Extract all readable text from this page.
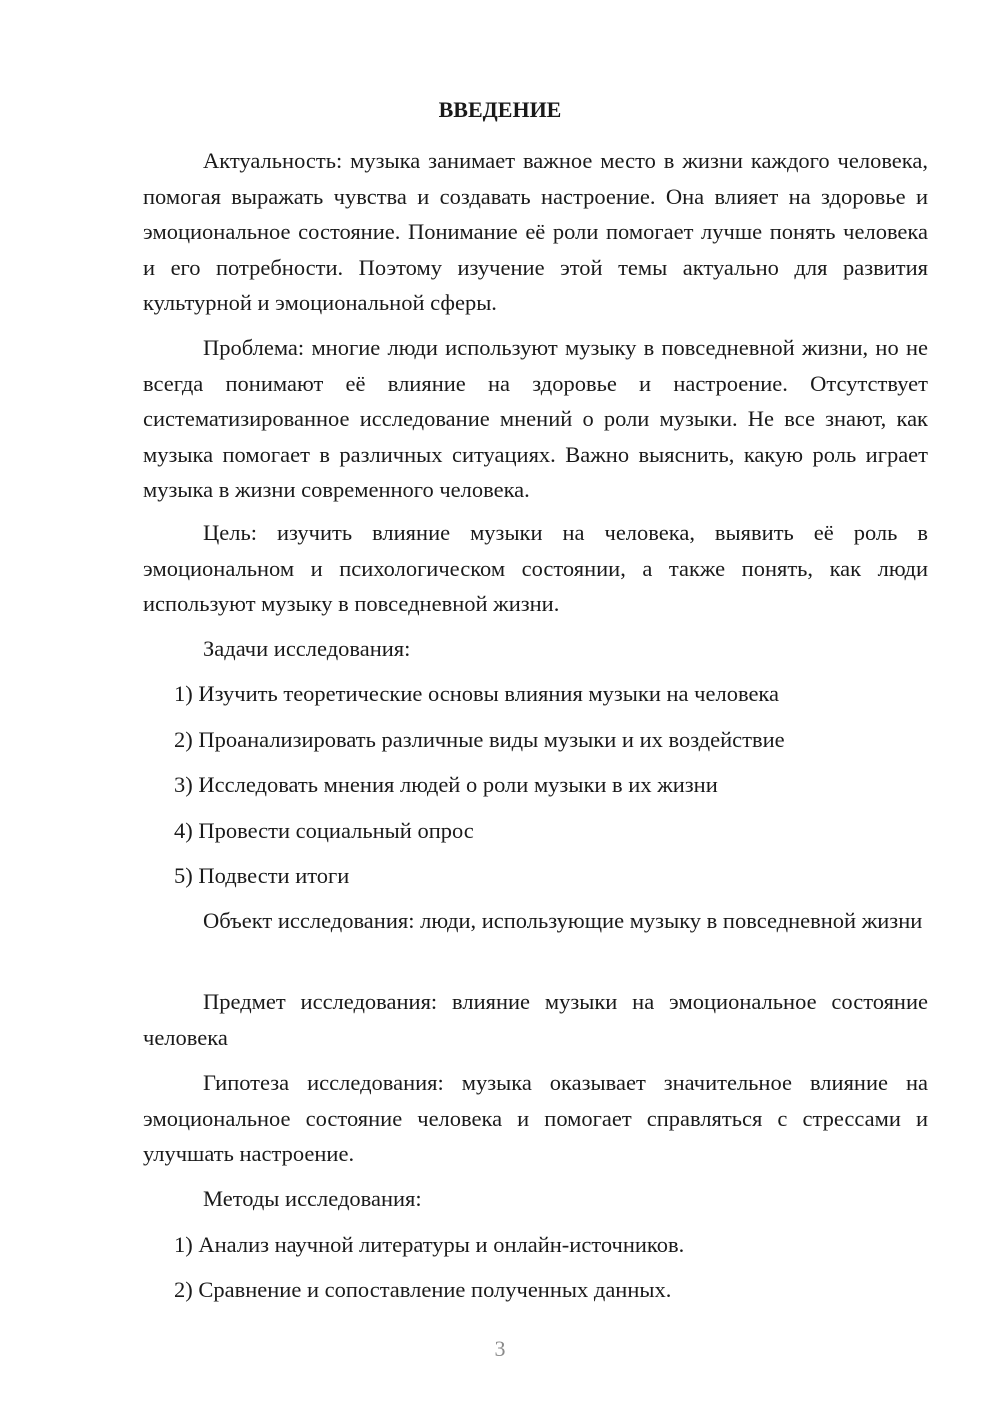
ВВЕДЕНИЕ

Актуальность: музыка занимает важное место в жизни каждого человека, помогая выражать чувства и создавать настроение. Она влияет на здоровье и эмоциональное состояние. Понимание её роли помогает лучше понять человека и его потребности. Поэтому изучение этой темы актуально для развития культурной и эмоциональной сферы.

Проблема: многие люди используют музыку в повседневной жизни, но не всегда понимают её влияние на здоровье и настроение. Отсутствует систематизированное исследование мнений о роли музыки. Не все знают, как музыка помогает в различных ситуациях. Важно выяснить, какую роль играет музыка в жизни современного человека.

Цель: изучить влияние музыки на человека, выявить её роль в эмоциональном и психологическом состоянии, а также понять, как люди используют музыку в повседневной жизни.

Задачи исследования:

1) Изучить теоретические основы влияния музыки на человека

2) Проанализировать различные виды музыки и их воздействие

3) Исследовать мнения людей о роли музыки в их жизни

4) Провести социальный опрос

5) Подвести итоги

Объект исследования: люди, использующие музыку в повседневной жизни

Предмет исследования: влияние музыки на эмоциональное состояние человека

Гипотеза исследования: музыка оказывает значительное влияние на эмоциональное состояние человека и помогает справляться с стрессами и улучшать настроение.

Методы исследования:

1) Анализ научной литературы и онлайн-источников.

2) Сравнение и сопоставление полученных данных.

3
